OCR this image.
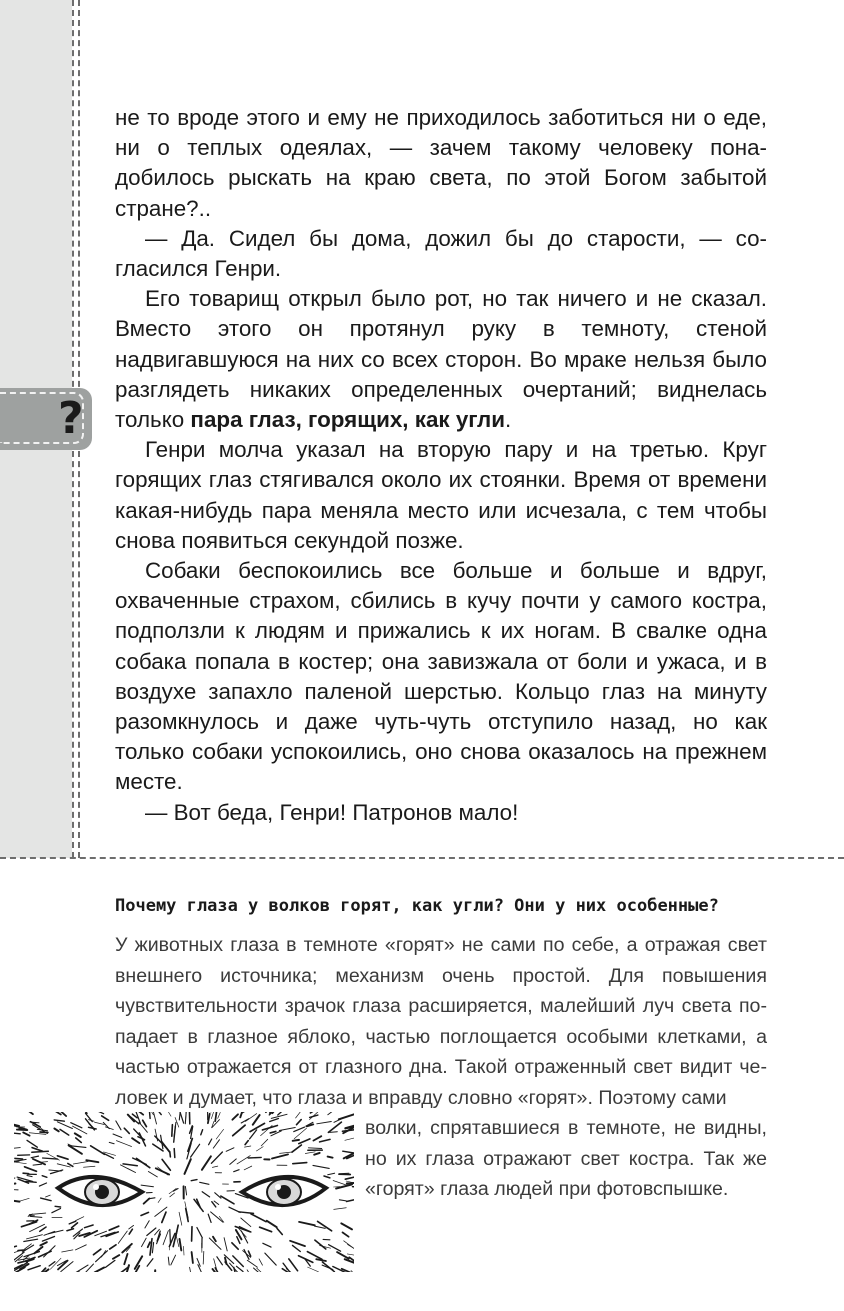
?

не то вроде этого и ему не приходилось заботиться ни о еде, ни о теплых одеялах, — зачем такому человеку понадобилось рыскать на краю света, по этой Богом забытой стране?..

— Да. Сидел бы дома, дожил бы до старости, — согласился Генри.

Его товарищ открыл было рот, но так ничего и не сказал. Вместо этого он протянул руку в темноту, стеной надвигавшуюся на них со всех сторон. Во мраке нельзя было разглядеть никаких определенных очертаний; виднелась только пара глаз, горящих, как угли.

Генри молча указал на вторую пару и на третью. Круг горящих глаз стягивался около их стоянки. Время от времени какая-нибудь пара меняла место или исчезала, с тем чтобы снова появиться секундой позже.

Собаки беспокоились все больше и больше и вдруг, охваченные страхом, сбились в кучу почти у самого костра, подползли к людям и прижались к их ногам. В свалке одна собака попала в костер; она завизжала от боли и ужаса, и в воздухе запахло паленой шерстью. Кольцо глаз на минуту разомкнулось и даже чуть-чуть отступило назад, но как только собаки успокоились, оно снова оказалось на прежнем месте.

— Вот беда, Генри! Патронов мало!

Почему глаза у волков горят, как угли? Они у них особенные?

У животных глаза в темноте «горят» не сами по себе, а отражая свет внешнего источника; механизм очень простой. Для повышения чувствительности зрачок глаза расширяется, малейший луч света попадает в глазное яблоко, частью поглощается особыми клетками, а частью отражается от глазного дна. Такой отраженный свет видит человек и думает, что глаза и вправду словно «горят». Поэтому сами

волки, спрятавшиеся в темноте, не видны, но их глаза отражают свет костра. Так же «горят» глаза людей при фотовспышке.
